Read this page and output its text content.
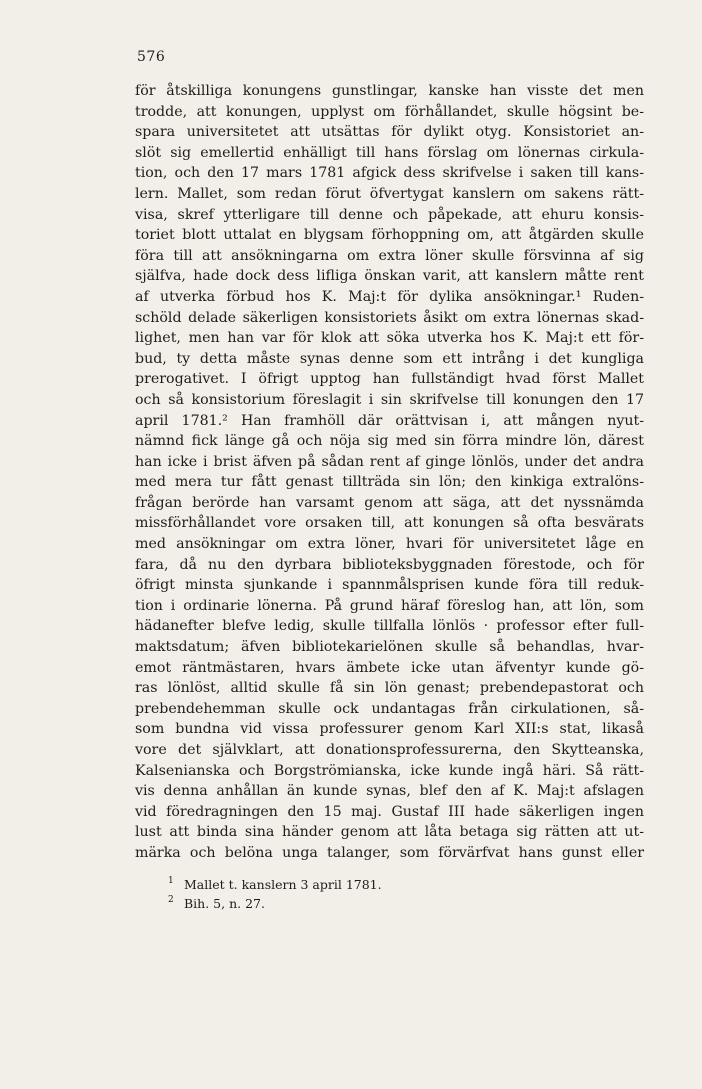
576
för åtskilliga konungens gunstlingar, kanske han visste det men
trodde, att konungen, upplyst om förhållandet, skulle högsint be-
spara universitetet att utsättas för dylikt otyg. Konsistoriet an-
slöt sig emellertid enhälligt till hans förslag om lönernas cirkula-
tion, och den 17 mars 1781 afgick dess skrifvelse i saken till kans-
lern. Mallet, som redan förut öfvertygat kanslern om sakens rätt-
visa, skref ytterligare till denne och påpekade, att ehuru konsis-
toriet blott uttalat en blygsam förhoppning om, att åtgärden skulle
föra till att ansökningarna om extra löner skulle försvinna af sig
själfva, hade dock dess lifliga önskan varit, att kanslern måtte rent
af utverka förbud hos K. Maj:t för dylika ansökningar.¹ Ruden-
schöld delade säkerligen konsistoriets åsikt om extra lönernas skad-
lighet, men han var för klok att söka utverka hos K. Maj:t ett för-
bud, ty detta måste synas denne som ett intrång i det kungliga
prerogativet. I öfrigt upptog han fullständigt hvad först Mallet
och så konsistorium föreslagit i sin skrifvelse till konungen den 17
april 1781.² Han framhöll där orättvisan i, att mången nyut-
nämnd fick länge gå och nöja sig med sin förra mindre lön, därest
han icke i brist äfven på sådan rent af ginge lönlös, under det andra
med mera tur fått genast tillträda sin lön; den kinkiga extralöns-
frågan berörde han varsamt genom att säga, att det nyssnämda
missförhållandet vore orsaken till, att konungen så ofta besvärats
med ansökningar om extra löner, hvari för universitetet låge en
fara, då nu den dyrbara biblioteksbyggnaden förestode, och för
öfrigt minsta sjunkande i spannmålsprisen kunde föra till reduk-
tion i ordinarie lönerna. På grund häraf föreslog han, att lön, som
hädanefter blefve ledig, skulle tillfalla lönlös · professor efter full-
maktsdatum; äfven bibliotekarielönen skulle så behandlas, hvar-
emot räntmästaren, hvars ämbete icke utan äfventyr kunde gö-
ras lönlöst, alltid skulle få sin lön genast; prebendepastorat och
prebendehemman skulle ock undantagas från cirkulationen, så-
som bundna vid vissa professurer genom Karl XII:s stat, likaså
vore det självklart, att donationsprofessurerna, den Skytteanska,
Kalsenianska och Borgströmianska, icke kunde ingå häri. Så rätt-
vis denna anhållan än kunde synas, blef den af K. Maj:t afslagen
vid föredragningen den 15 maj. Gustaf III hade säkerligen ingen
lust att binda sina händer genom att låta betaga sig rätten att ut-
märka och belöna unga talanger, som förvärfvat hans gunst eller
1 Mallet t. kanslern 3 april 1781.
2 Bih. 5, n. 27.
